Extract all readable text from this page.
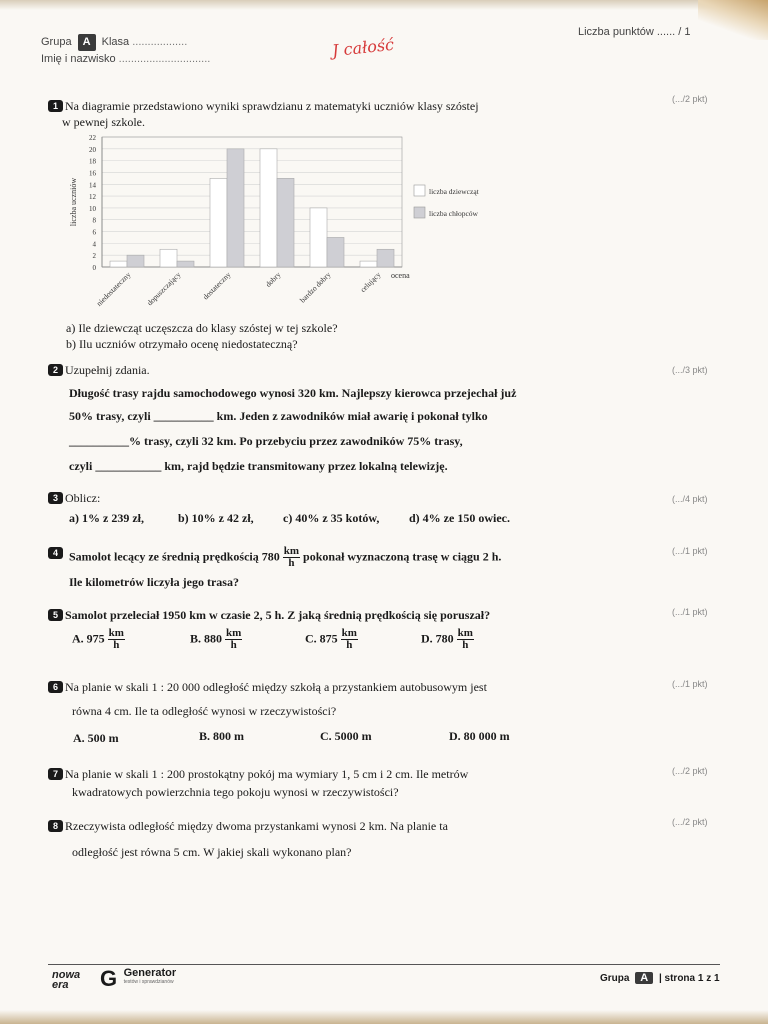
Grupa A Klasa ..................
Imię i nazwisko ..............................
Liczba punktów ...... / 1
J całość
1 Na diagramie przedstawiono wyniki sprawdzianu z matematyki uczniów klasy szóstej
w pewnej szkole.
(.../2 pkt)
0
2
4
6
8
10
12
14
16
18
20
22
niedostateczny dopuszczający dostateczny	dobry bardzo dobry	celujący
liczba uczniów
ocena
liczba dziewcząt
liczba chłopców
a) Ile dziewcząt uczęszcza do klasy szóstej w tej szkole?
b) Ilu uczniów otrzymało ocenę niedostateczną?
2 Uzupełnij zdania.	(.../3 pkt)
Długość trasy rajdu samochodowego wynosi 320 km. Najlepszy kierowca przejechał już
50% trasy, czyli __________ km. Jeden z zawodników miał awarię i pokonał tylko
__________% trasy, czyli 32 km. Po przebyciu przez zawodników 75% trasy,
czyli ___________ km, rajd będzie transmitowany przez lokalną telewizję.
3 Oblicz:	(.../4 pkt)
a) 1% z 239 zł,	b) 10% z 42 zł, c) 40% z 35 kotów, d) 4% ze 150 owiec.
4	(.../1 pkt)
Samolot lecący ze średnią prędkością $780 \frac{km}{h}$ pokonał wyznaczoną trasę w ciągu 2 h.
Ile kilometrów liczyła jego trasa?
5 Samolot przeleciał 1950 km w czasie 2, 5 h. Z jaką średnią prędkością się poruszał?	(.../1 pkt)
A. $975 \frac{km}{h}$	B. $880 \frac{km}{h}$	C. $875 \frac{km}{h}$	D. $780 \frac{km}{h}$
6 Na planie w skali 1 : 20 000 odległość między szkołą a przystankiem autobusowym jest	(.../1 pkt)
równa 4 cm. Ile ta odległość wynosi w rzeczywistości?
A. 500 m	B. 800 m	C. 5000 m	D. 80 000 m
7 Na planie w skali 1 : 200 prostokątny pokój ma wymiary 1, 5 cm i 2 cm. Ile metrów	(.../2 pkt)
kwadratowych powierzchnia tego pokoju wynosi w rzeczywistości?
8 Rzeczywista odległość między dwoma przystankami wynosi 2 km. Na planie ta	(.../2 pkt)
odległość jest równa 5 cm. W jakiej skali wykonano plan?
nowa era	G Generator
testów i sprawdzianów	Grupa A | strona 1 z 1
